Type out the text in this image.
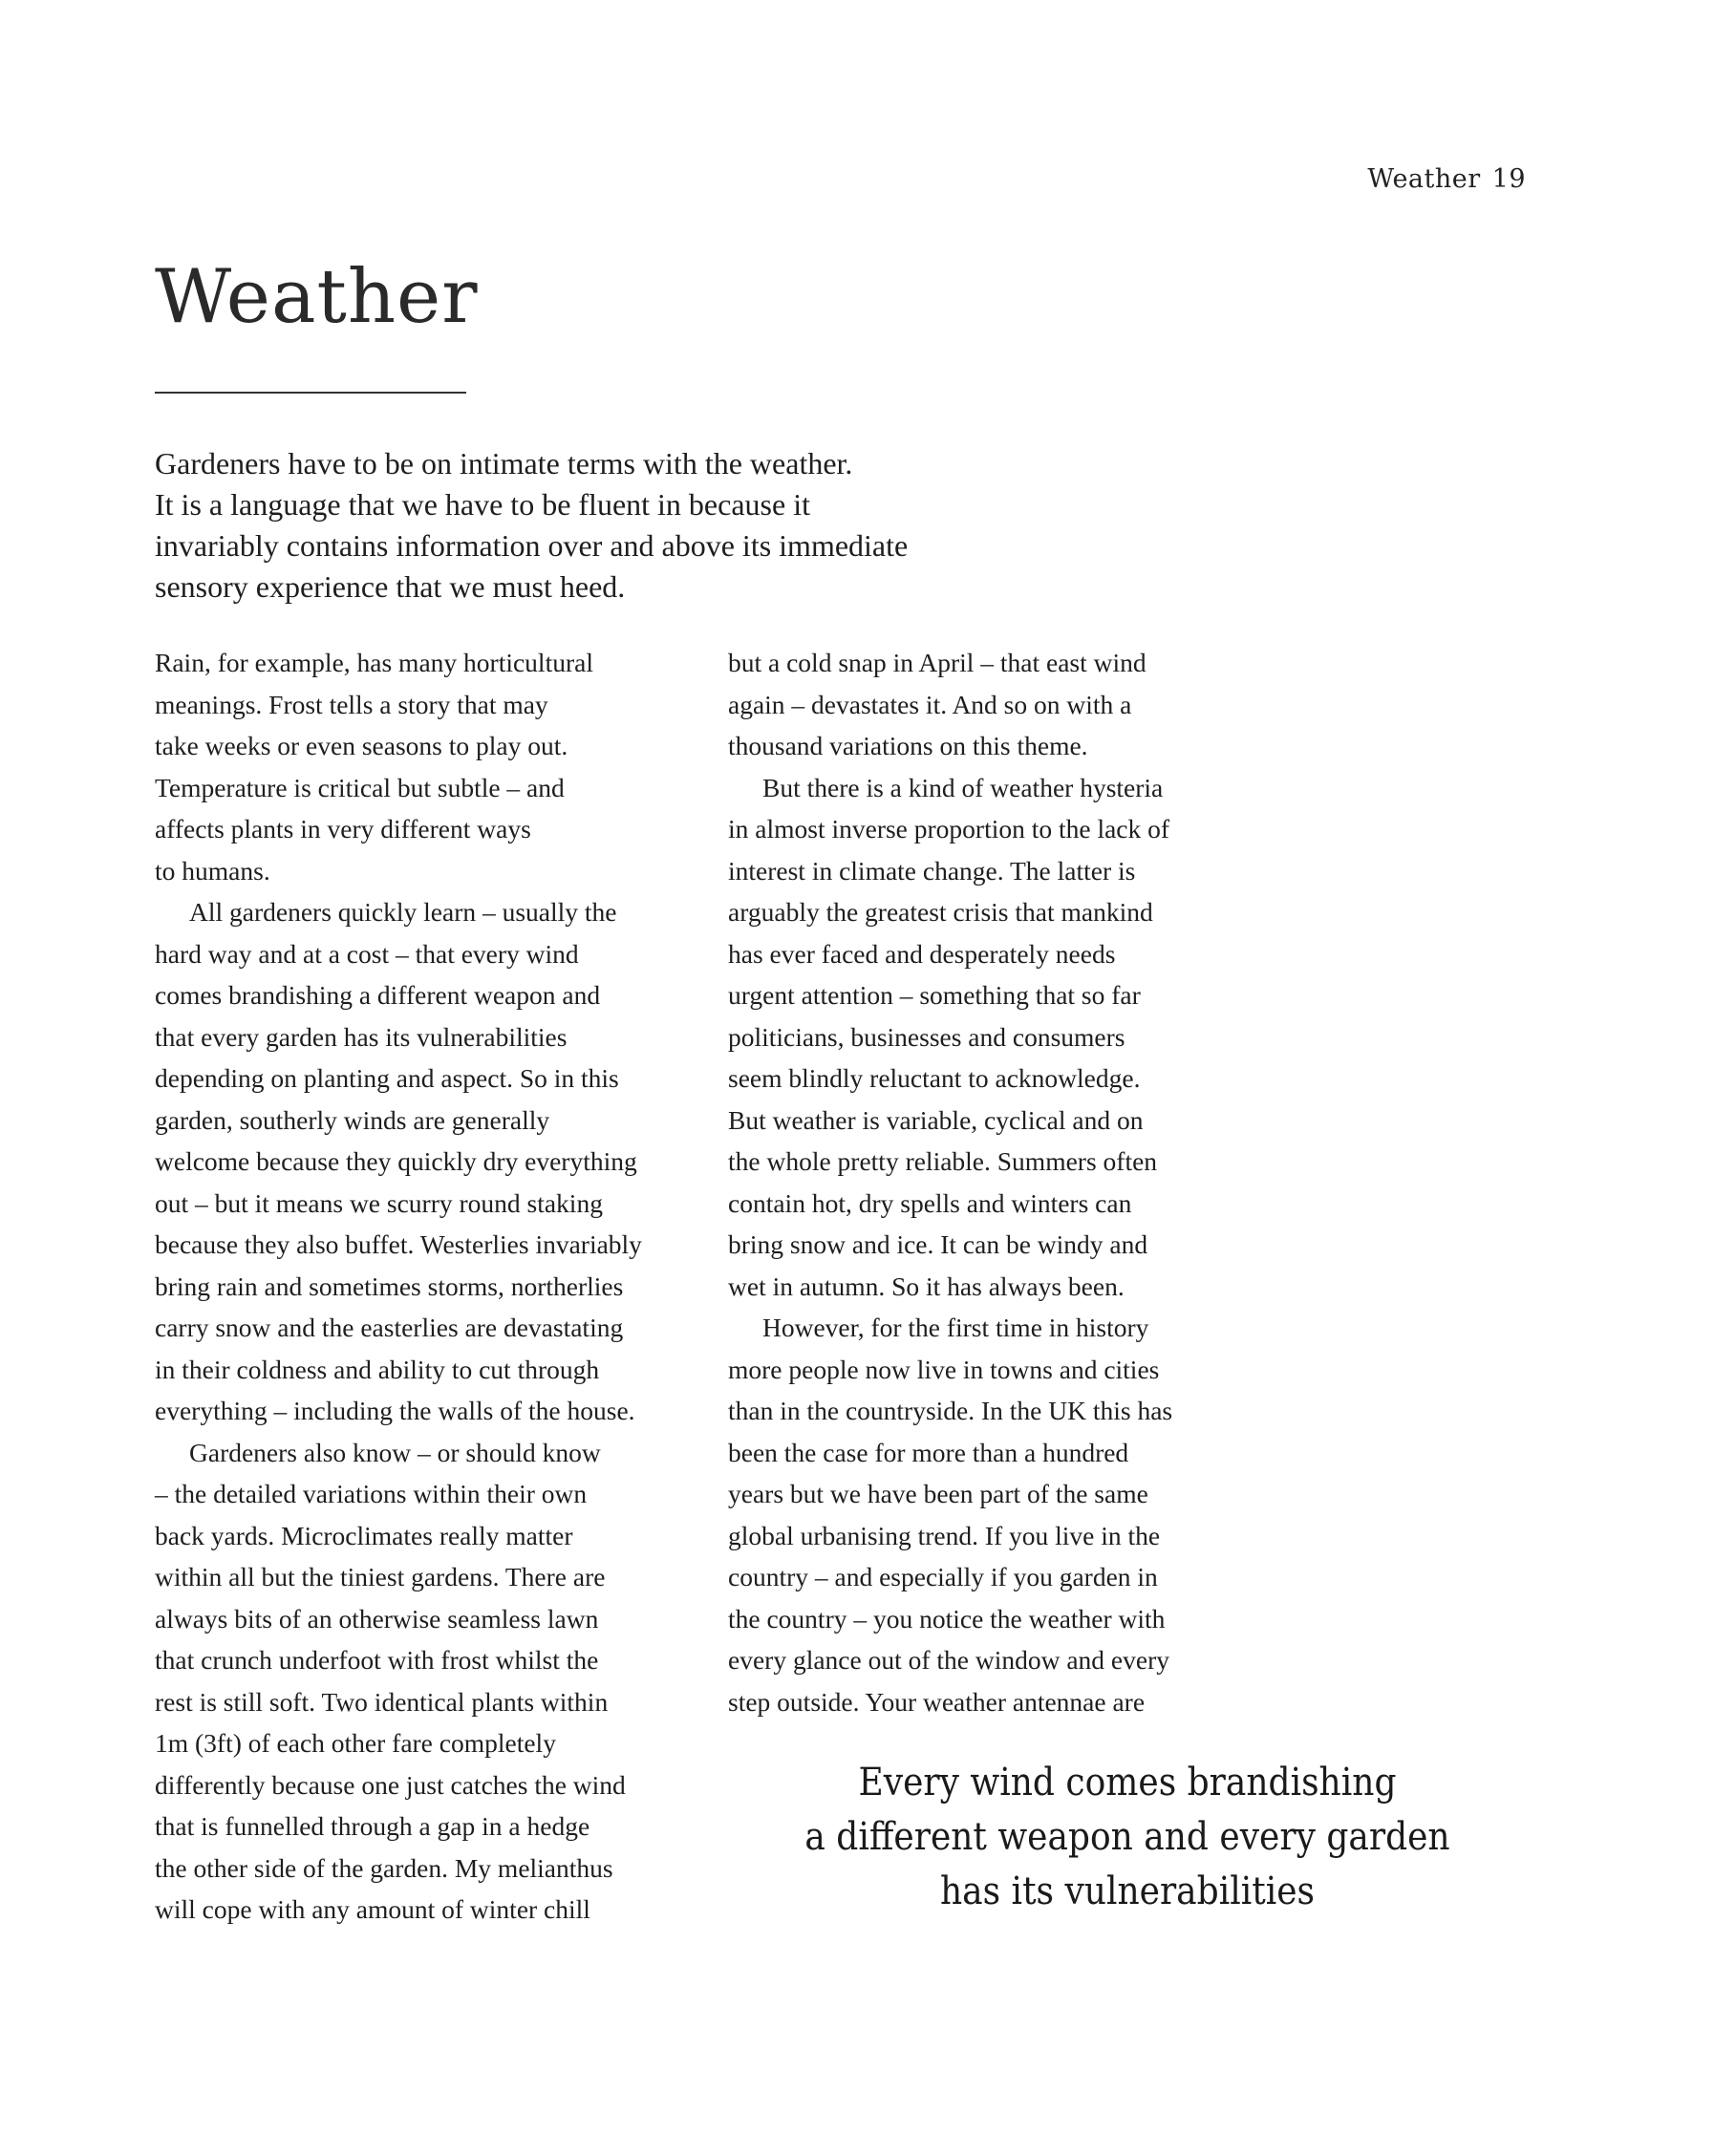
Weather 19
Weather
Gardeners have to be on intimate terms with the weather.
It is a language that we have to be fluent in because it
invariably contains information over and above its immediate
sensory experience that we must heed.
Rain, for example, has many horticultural
meanings. Frost tells a story that may
take weeks or even seasons to play out.
Temperature is critical but subtle – and
affects plants in very different ways
to humans.
All gardeners quickly learn – usually the
hard way and at a cost – that every wind
comes brandishing a different weapon and
that every garden has its vulnerabilities
depending on planting and aspect. So in this
garden, southerly winds are generally
welcome because they quickly dry everything
out – but it means we scurry round staking
because they also buffet. Westerlies invariably
bring rain and sometimes storms, northerlies
carry snow and the easterlies are devastating
in their coldness and ability to cut through
everything – including the walls of the house.
Gardeners also know – or should know
– the detailed variations within their own
back yards. Microclimates really matter
within all but the tiniest gardens. There are
always bits of an otherwise seamless lawn
that crunch underfoot with frost whilst the
rest is still soft. Two identical plants within
1m (3ft) of each other fare completely
differently because one just catches the wind
that is funnelled through a gap in a hedge
the other side of the garden. My melianthus
will cope with any amount of winter chill
but a cold snap in April – that east wind
again – devastates it. And so on with a
thousand variations on this theme.
But there is a kind of weather hysteria
in almost inverse proportion to the lack of
interest in climate change. The latter is
arguably the greatest crisis that mankind
has ever faced and desperately needs
urgent attention – something that so far
politicians, businesses and consumers
seem blindly reluctant to acknowledge.
But weather is variable, cyclical and on
the whole pretty reliable. Summers often
contain hot, dry spells and winters can
bring snow and ice. It can be windy and
wet in autumn. So it has always been.
However, for the first time in history
more people now live in towns and cities
than in the countryside. In the UK this has
been the case for more than a hundred
years but we have been part of the same
global urbanising trend. If you live in the
country – and especially if you garden in
the country – you notice the weather with
every glance out of the window and every
step outside. Your weather antennae are
Every wind comes brandishing
a different weapon and every garden
has its vulnerabilities
